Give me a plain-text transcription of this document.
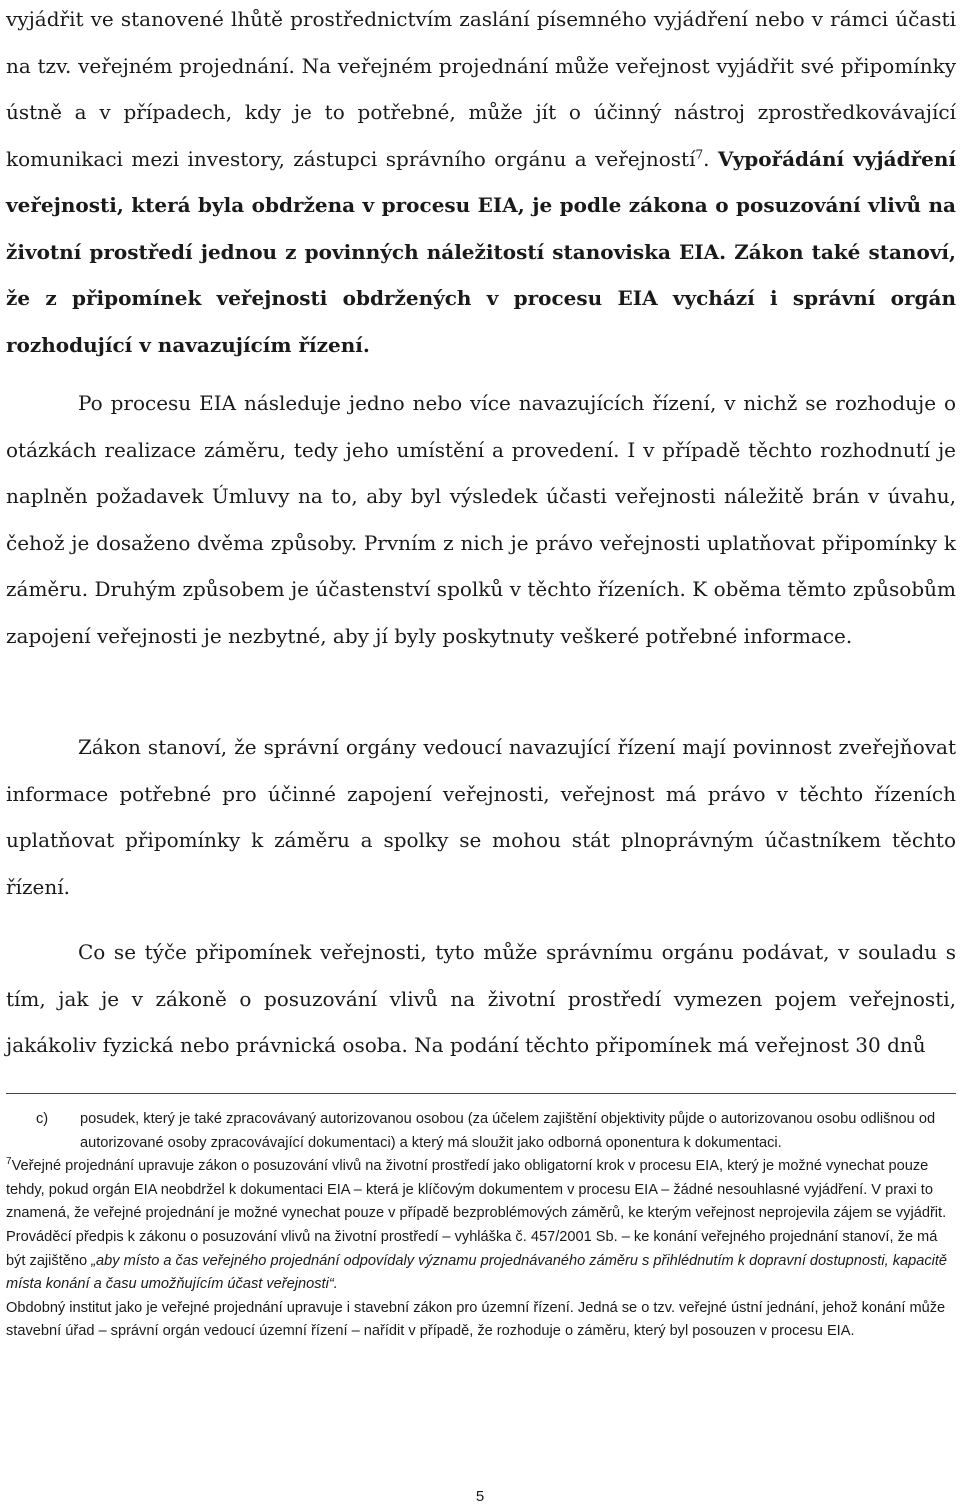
vyjádřit ve stanovené lhůtě prostřednictvím zaslání písemného vyjádření nebo v rámci účasti na tzv. veřejném projednání. Na veřejném projednání může veřejnost vyjádřit své připomínky ústně a v případech, kdy je to potřebné, může jít o účinný nástroj zprostředkovávající komunikaci mezi investory, zástupci správního orgánu a veřejností$^7$. Vypořádání vyjádření veřejnosti, která byla obdržena v procesu EIA, je podle zákona o posuzování vlivů na životní prostředí jednou z povinných náležitostí stanoviska EIA. Zákon také stanoví, že z připomínek veřejnosti obdržených v procesu EIA vychází i správní orgán rozhodující v navazujícím řízení.

Po procesu EIA následuje jedno nebo více navazujících řízení, v nichž se rozhoduje o otázkách realizace záměru, tedy jeho umístění a provedení. I v případě těchto rozhodnutí je naplněn požadavek Úmluvy na to, aby byl výsledek účasti veřejnosti náležitě brán v úvahu, čehož je dosaženo dvěma způsoby. Prvním z nich je právo veřejnosti uplatňovat připomínky k záměru. Druhým způsobem je účastenství spolků v těchto řízeních. K oběma těmto způsobům zapojení veřejnosti je nezbytné, aby jí byly poskytnuty veškeré potřebné informace.

Zákon stanoví, že správní orgány vedoucí navazující řízení mají povinnost zveřejňovat informace potřebné pro účinné zapojení veřejnosti, veřejnost má právo v těchto řízeních uplatňovat připomínky k záměru a spolky se mohou stát plnoprávným účastníkem těchto řízení.

Co se týče připomínek veřejnosti, tyto může správnímu orgánu podávat, v souladu s tím, jak je v zákoně o posuzování vlivů na životní prostředí vymezen pojem veřejnosti, jakákoliv fyzická nebo právnická osoba. Na podání těchto připomínek má veřejnost 30 dnů

c)	posudek, který je také zpracovávaný autorizovanou osobou (za účelem zajištění objektivity půjde o autorizovanou osobu odlišnou od autorizované osoby zpracovávající dokumentaci) a který má sloužit jako odborná oponentura k dokumentaci.

$^7$Veřejné projednání upravuje zákon o posuzování vlivů na životní prostředí jako obligatorní krok v procesu EIA, který je možné vynechat pouze tehdy, pokud orgán EIA neobdržel k dokumentaci EIA – která je klíčovým dokumentem v procesu EIA – žádné nesouhlasné vyjádření. V praxi to znamená, že veřejné projednání je možné vynechat pouze v případě bezproblémových záměrů, ke kterým veřejnost neprojevila zájem se vyjádřit. Prováděcí předpis k zákonu o posuzování vlivů na životní prostředí – vyhláška č. 457/2001 Sb. – ke konání veřejného projednání stanoví, že má být zajištěno „aby místo a čas veřejného projednání odpovídaly významu projednávaného záměru s přihlédnutím k dopravní dostupnosti, kapacitě místa konání a času umožňujícím účast veřejnosti“.

Obdobný institut jako je veřejné projednání upravuje i stavební zákon pro územní řízení. Jedná se o tzv. veřejné ústní jednání, jehož konání může stavební úřad – správní orgán vedoucí územní řízení – nařídit v případě, že rozhoduje o záměru, který byl posouzen v procesu EIA.

5
